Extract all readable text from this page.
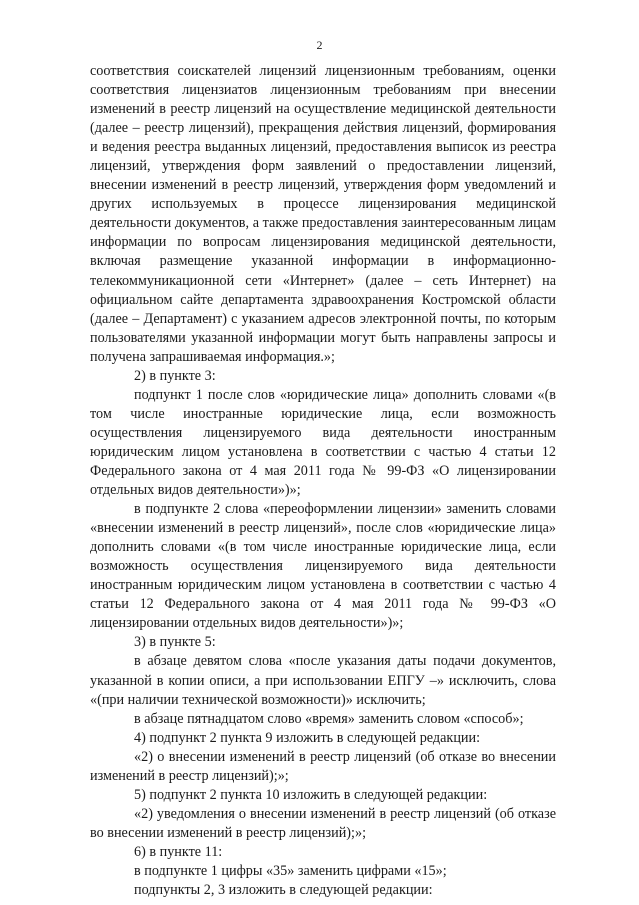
2

соответствия соискателей лицензий лицензионным требованиям, оценки соответствия лицензиатов лицензионным требованиям при внесении изменений в реестр лицензий на осуществление медицинской деятельности (далее – реестр лицензий), прекращения действия лицензий, формирования и ведения реестра выданных лицензий, предоставления выписок из реестра лицензий, утверждения форм заявлений о предоставлении лицензий, внесении изменений в реестр лицензий, утверждения форм уведомлений и других используемых в процессе лицензирования медицинской деятельности документов, а также предоставления заинтересованным лицам информации по вопросам лицензирования медицинской деятельности, включая размещение указанной информации в информационно-телекоммуникационной сети «Интернет» (далее – сеть Интернет) на официальном сайте департамента здравоохранения Костромской области (далее – Департамент) с указанием адресов электронной почты, по которым пользователями указанной информации могут быть направлены запросы и получена запрашиваемая информация.»;

2) в пункте 3:

подпункт 1 после слов «юридические лица» дополнить словами «(в том числе иностранные юридические лица, если возможность осуществления лицензируемого вида деятельности иностранным юридическим лицом установлена в соответствии с частью 4 статьи 12 Федерального закона от 4 мая 2011 года № 99-ФЗ «О лицензировании отдельных видов деятельности»)»;

в подпункте 2 слова «переоформлении лицензии» заменить словами «внесении изменений в реестр лицензий», после слов «юридические лица» дополнить словами «(в том числе иностранные юридические лица, если возможность осуществления лицензируемого вида деятельности иностранным юридическим лицом установлена в соответствии с частью 4 статьи 12 Федерального закона от 4 мая 2011 года № 99-ФЗ «О лицензировании отдельных видов деятельности»)»;

3) в пункте 5:

в абзаце девятом слова «после указания даты подачи документов, указанной в копии описи, а при использовании ЕПГУ –» исключить, слова «(при наличии технической возможности)» исключить;

в абзаце пятнадцатом слово «время» заменить словом «способ»;

4) подпункт 2 пункта 9 изложить в следующей редакции:

«2) о внесении изменений в реестр лицензий (об отказе во внесении изменений в реестр лицензий);»;

5) подпункт 2 пункта 10 изложить в следующей редакции:

«2) уведомления о внесении изменений в реестр лицензий (об отказе во внесении изменений в реестр лицензий);»;

6) в пункте 11:

в подпункте 1 цифры «35» заменить цифрами «15»;

подпункты 2, 3 изложить в следующей редакции:
